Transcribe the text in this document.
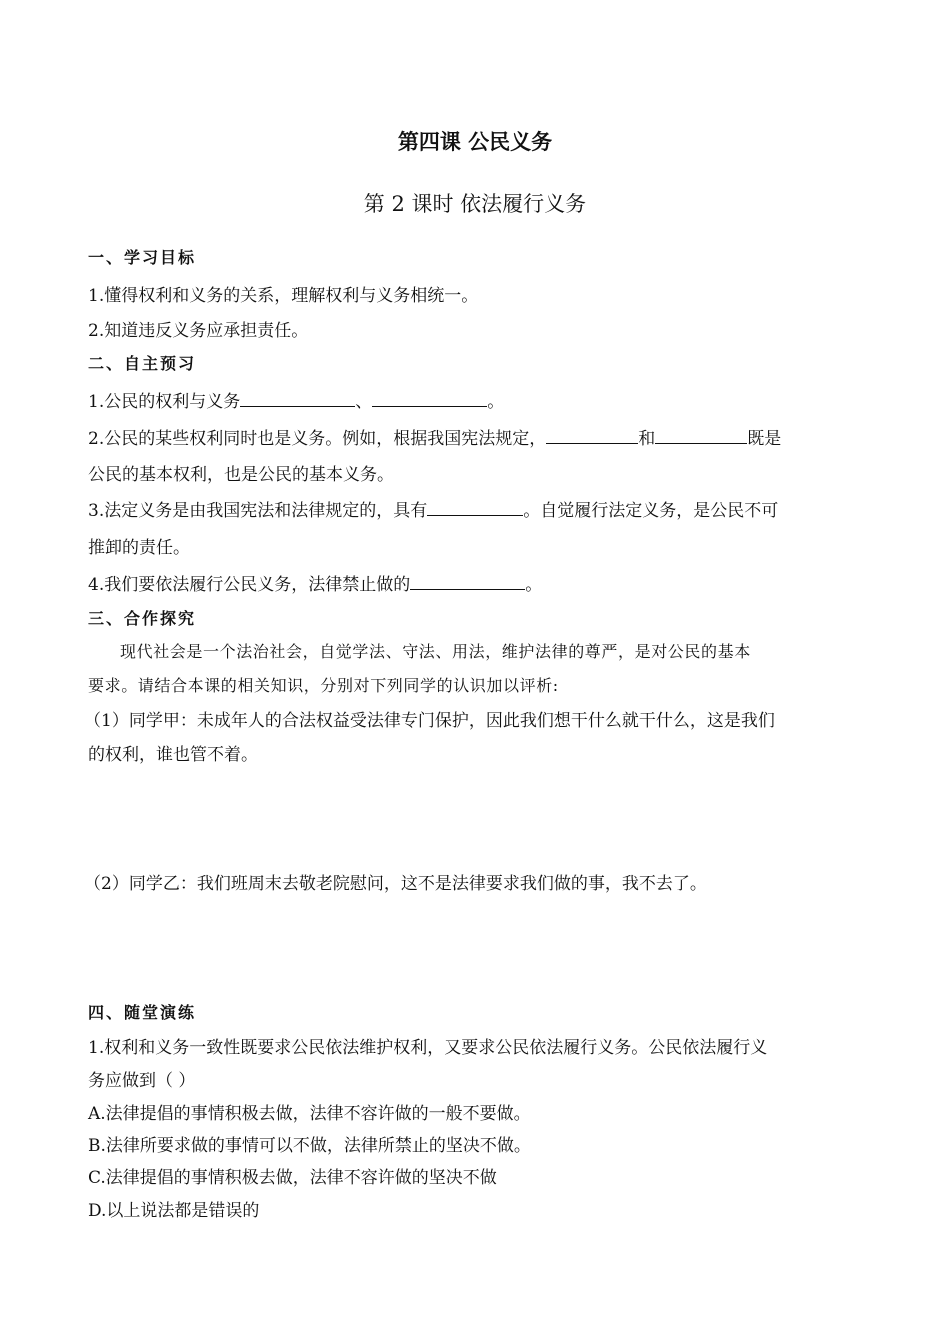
第四课 公民义务
第 2 课时 依法履行义务
一、学习目标
1.懂得权利和义务的关系，理解权利与义务相统一。
2.知道违反义务应承担责任。
二、自主预习
1.公民的权利与义务	、	。
2.公民的某些权利同时也是义务。例如，根据我国宪法规定，	和	既是
公民的基本权利，也是公民的基本义务。
3.法定义务是由我国宪法和法律规定的，具有	。自觉履行法定义务，是公民不可
推卸的责任。
4.我们要依法履行公民义务，法律禁止做的	。
三、合作探究
现代社会是一个法治社会，自觉学法、守法、用法，维护法律的尊严，是对公民的基本
要求。请结合本课的相关知识，分别对下列同学的认识加以评析:
（1）同学甲：未成年人的合法权益受法律专门保护，因此我们想干什么就干什么，这是我们
的权利，谁也管不着。
（2）同学乙：我们班周末去敬老院慰问，这不是法律要求我们做的事，我不去了。
四、随堂演练
1.权利和义务一致性既要求公民依法维护权利，又要求公民依法履行义务。公民依法履行义
务应做到（ ）
A.法律提倡的事情积极去做，法律不容许做的一般不要做。
B.法律所要求做的事情可以不做，法律所禁止的坚决不做。
C.法律提倡的事情积极去做，法律不容许做的坚决不做
D.以上说法都是错误的
